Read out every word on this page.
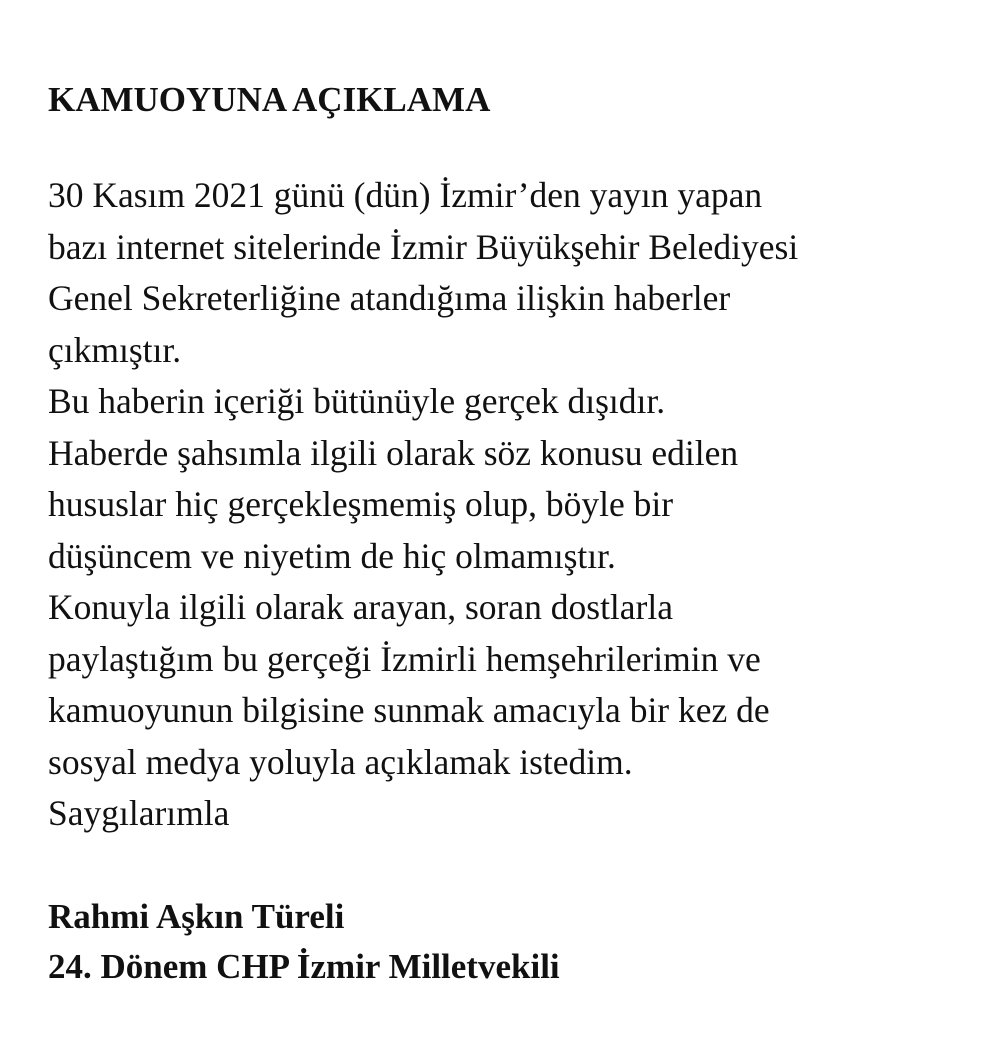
KAMUOYUNA AÇIKLAMA
30 Kasım 2021 günü (dün) İzmir’den yayın yapan
bazı internet sitelerinde İzmir Büyükşehir Belediyesi
Genel Sekreterliğine atandığıma ilişkin haberler
çıkmıştır.
Bu haberin içeriği bütünüyle gerçek dışıdır.
Haberde şahsımla ilgili olarak söz konusu edilen
hususlar hiç gerçekleşmemiş olup, böyle bir
düşüncem ve niyetim de hiç olmamıştır.
Konuyla ilgili olarak arayan, soran dostlarla
paylaştığım bu gerçeği İzmirli hemşehrilerimin ve
kamuoyunun bilgisine sunmak amacıyla bir kez de
sosyal medya yoluyla açıklamak istedim.
Saygılarımla
Rahmi Aşkın Türeli
24. Dönem CHP İzmir Milletvekili
